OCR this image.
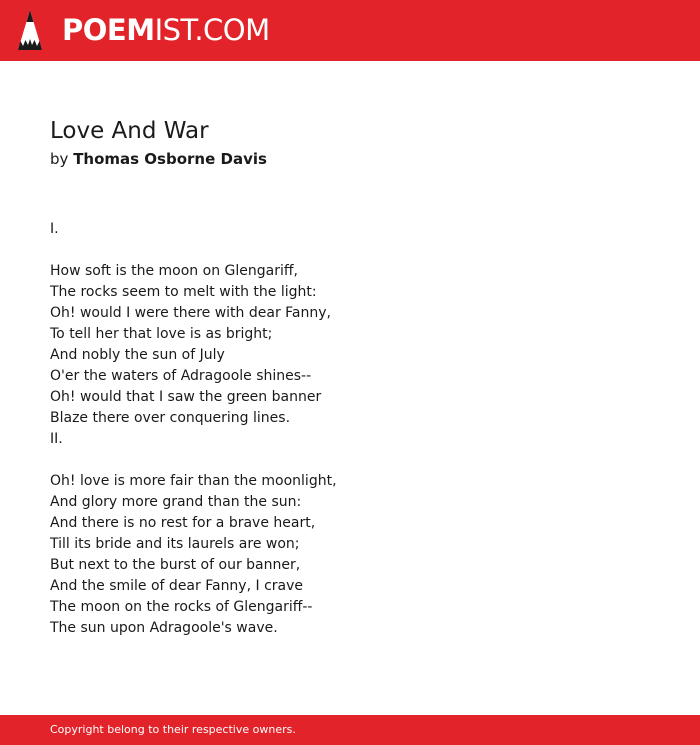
POEMIST.COM
Love And War
by Thomas Osborne Davis
I.
How soft is the moon on Glengariff,
The rocks seem to melt with the light:
Oh! would I were there with dear Fanny,
To tell her that love is as bright;
And nobly the sun of July
O'er the waters of Adragoole shines--
Oh! would that I saw the green banner
Blaze there over conquering lines.
II.
Oh! love is more fair than the moonlight,
And glory more grand than the sun:
And there is no rest for a brave heart,
Till its bride and its laurels are won;
But next to the burst of our banner,
And the smile of dear Fanny, I crave
The moon on the rocks of Glengariff--
The sun upon Adragoole's wave.
Copyright belong to their respective owners.
